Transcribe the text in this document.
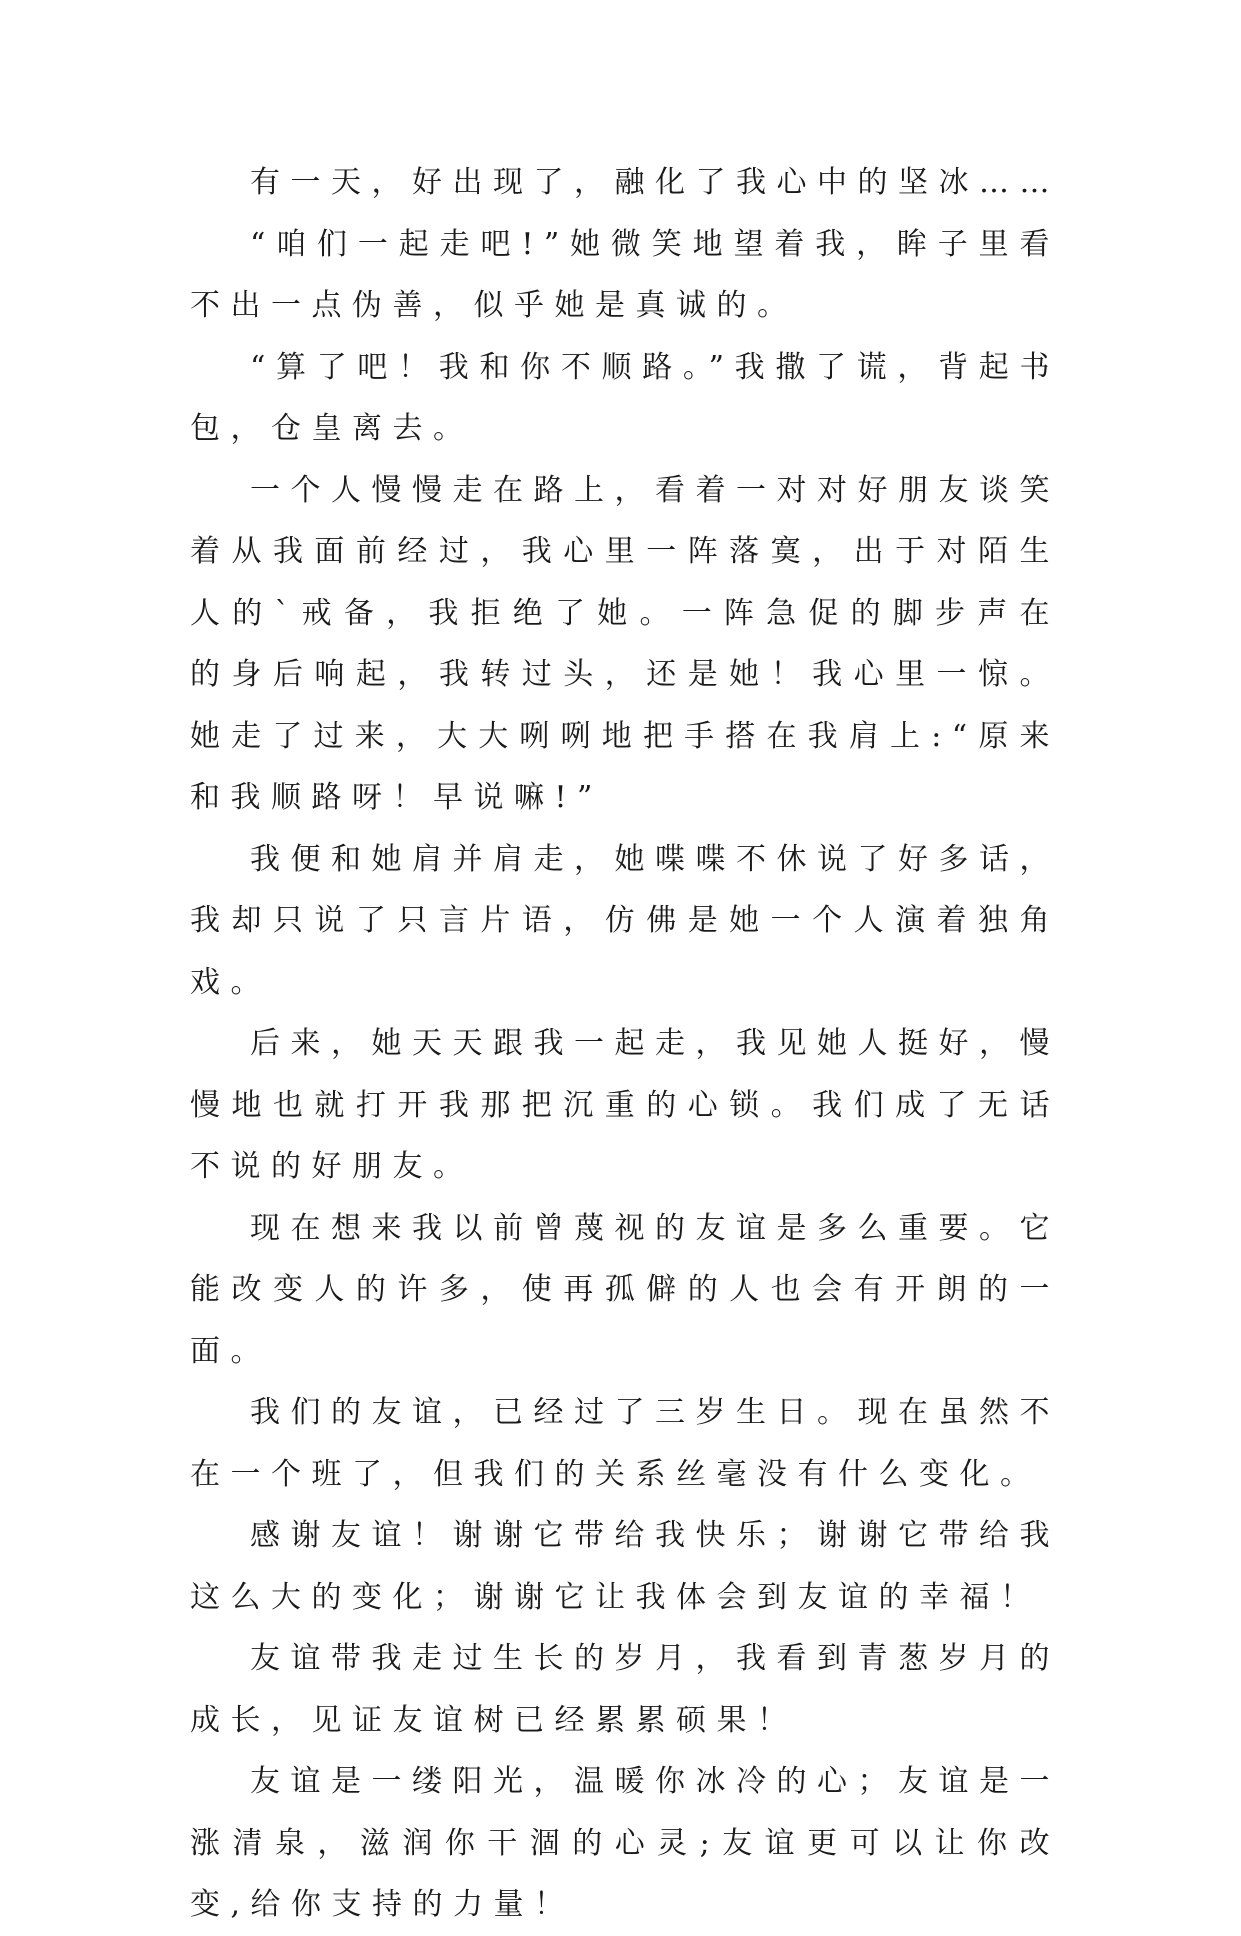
有一天，好出现了，融化了我心中的坚冰……

“咱们一起走吧!”她微笑地望着我，眸子里看不出一点伪善，似乎她是真诚的。

“算了吧！我和你不顺路。”我撒了谎，背起书包，仓皇离去。

一个人慢慢走在路上，看着一对对好朋友谈笑着从我面前经过，我心里一阵落寞，出于对陌生人的`戒备，我拒绝了她。一阵急促的脚步声在的身后响起，我转过头，还是她！我心里一惊。她走了过来，大大咧咧地把手搭在我肩上:“原来和我顺路呀！早说嘛!”

我便和她肩并肩走，她喋喋不休说了好多话，我却只说了只言片语，仿佛是她一个人演着独角戏。

后来，她天天跟我一起走，我见她人挺好，慢慢地也就打开我那把沉重的心锁。我们成了无话不说的好朋友。

现在想来我以前曾蔑视的友谊是多么重要。它能改变人的许多，使再孤僻的人也会有开朗的一面。

我们的友谊，已经过了三岁生日。现在虽然不在一个班了，但我们的关系丝毫没有什么变化。

感谢友谊！谢谢它带给我快乐；谢谢它带给我这么大的变化；谢谢它让我体会到友谊的幸福！

友谊带我走过生长的岁月，我看到青葱岁月的成长，见证友谊树已经累累硕果！

友谊是一缕阳光，温暖你冰冷的心；友谊是一涨清泉，滋润你干涸的心灵;友谊更可以让你改变,给你支持的力量！
